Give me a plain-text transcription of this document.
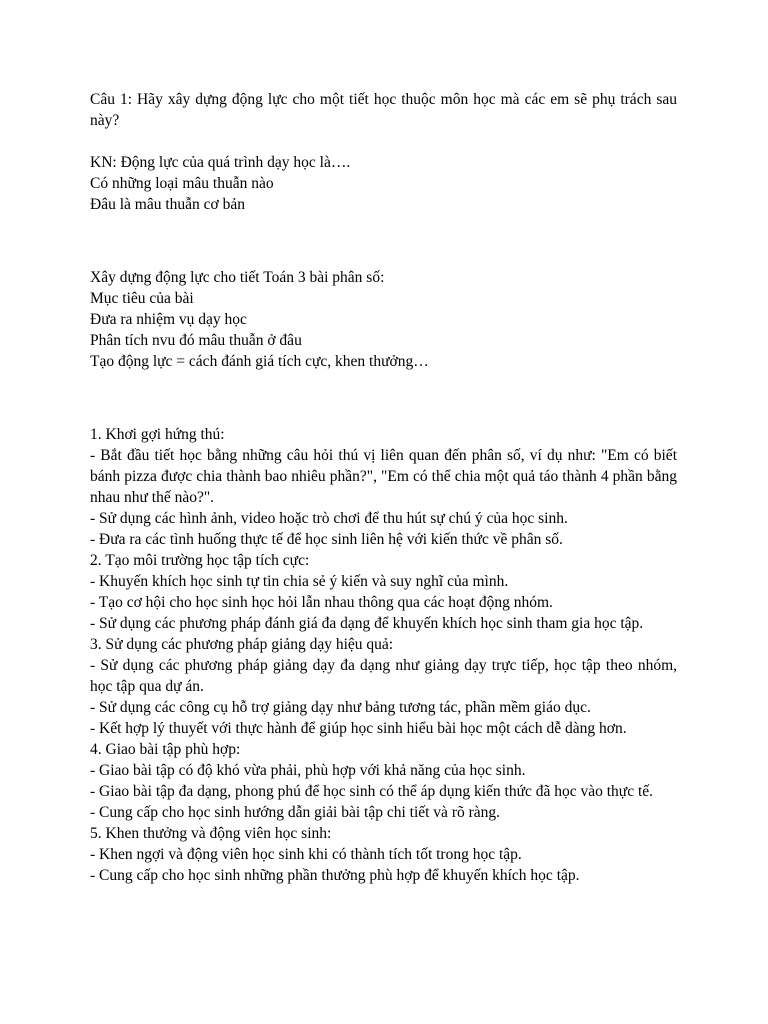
Câu 1: Hãy xây dựng động lực cho một tiết học thuộc môn học mà các em sẽ phụ trách sau này?

KN: Động lực của quá trình dạy học là….
Có những loại mâu thuẫn nào
Đâu là mâu thuẫn cơ bản
Xây dựng động lực cho tiết Toán 3 bài phân số:
Mục tiêu của bài
Đưa ra nhiệm vụ dạy học
Phân tích nvu đó mâu thuẫn ở đâu
Tạo động lực = cách đánh giá tích cực, khen thưởng…

1. Khơi gợi hứng thú:

- Bắt đầu tiết học bằng những câu hỏi thú vị liên quan đến phân số, ví dụ như: "Em có biết bánh pizza được chia thành bao nhiêu phần?", "Em có thể chia một quả táo thành 4 phần bằng nhau như thế nào?".

- Sử dụng các hình ảnh, video hoặc trò chơi để thu hút sự chú ý của học sinh.

- Đưa ra các tình huống thực tế để học sinh liên hệ với kiến thức về phân số.

2. Tạo môi trường học tập tích cực:

- Khuyến khích học sinh tự tin chia sẻ ý kiến và suy nghĩ của mình.

- Tạo cơ hội cho học sinh học hỏi lẫn nhau thông qua các hoạt động nhóm.

- Sử dụng các phương pháp đánh giá đa dạng để khuyến khích học sinh tham gia học tập.

3. Sử dụng các phương pháp giảng dạy hiệu quả:

- Sử dụng các phương pháp giảng dạy đa dạng như giảng dạy trực tiếp, học tập theo nhóm, học tập qua dự án.

- Sử dụng các công cụ hỗ trợ giảng dạy như bảng tương tác, phần mềm giáo dục.

- Kết hợp lý thuyết với thực hành để giúp học sinh hiểu bài học một cách dễ dàng hơn.

4. Giao bài tập phù hợp:

- Giao bài tập có độ khó vừa phải, phù hợp với khả năng của học sinh.

- Giao bài tập đa dạng, phong phú để học sinh có thể áp dụng kiến thức đã học vào thực tế.

- Cung cấp cho học sinh hướng dẫn giải bài tập chi tiết và rõ ràng.

5. Khen thưởng và động viên học sinh:

- Khen ngợi và động viên học sinh khi có thành tích tốt trong học tập.

- Cung cấp cho học sinh những phần thưởng phù hợp để khuyến khích học tập.
